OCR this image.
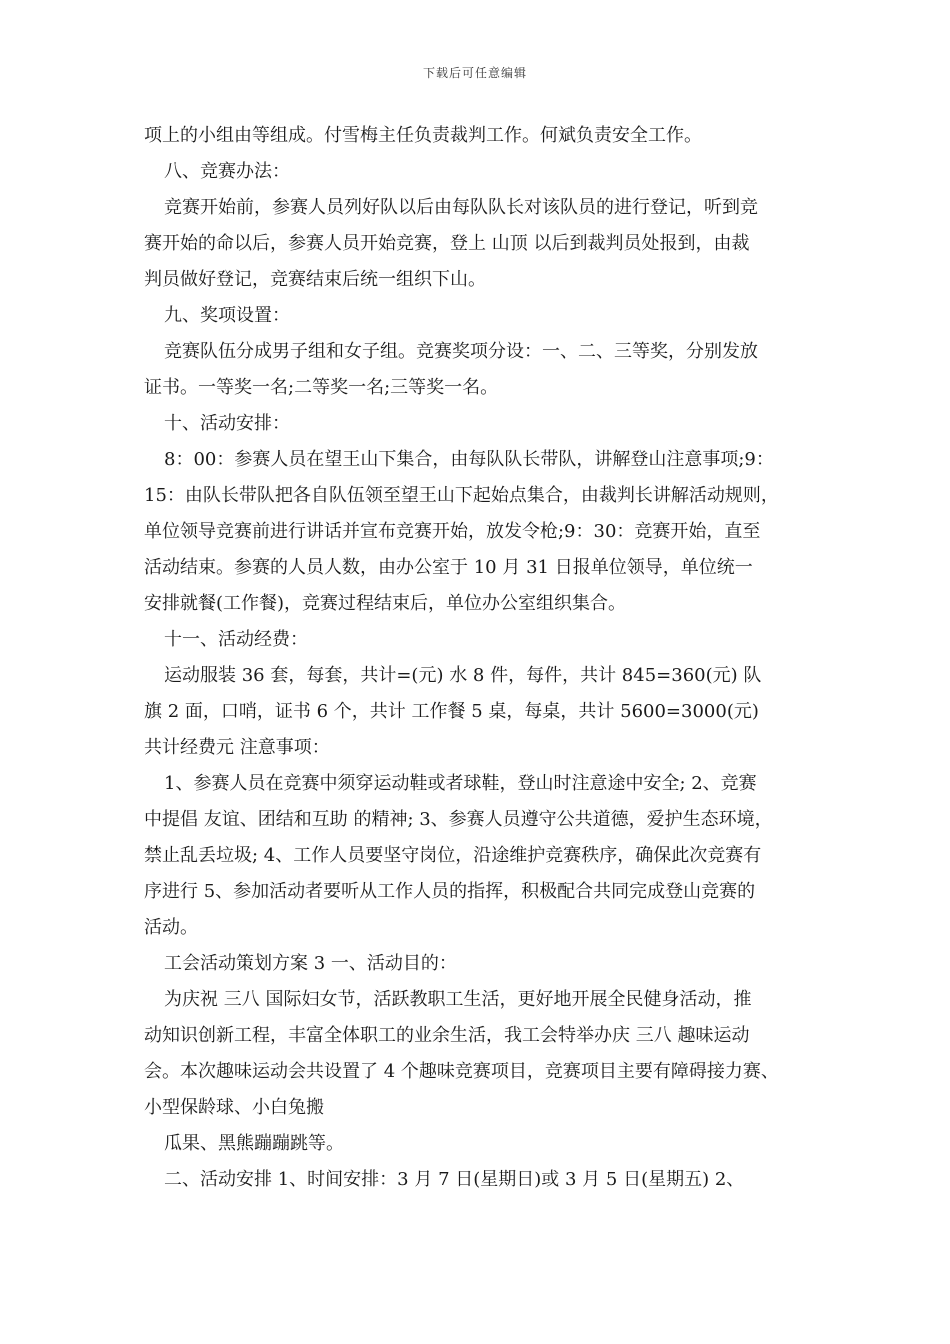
下载后可任意编辑
项上的小组由等组成。付雪梅主任负责裁判工作。何斌负责安全工作。
八、竞赛办法：
竞赛开始前，参赛人员列好队以后由每队队长对该队员的进行登记，听到竞
赛开始的命以后，参赛人员开始竞赛，登上 山顶 以后到裁判员处报到，由裁
判员做好登记，竞赛结束后统一组织下山。
九、奖项设置：
竞赛队伍分成男子组和女子组。竞赛奖项分设：一、二、三等奖，分别发放
证书。一等奖一名;二等奖一名;三等奖一名。
十、活动安排：
8：00：参赛人员在望王山下集合，由每队队长带队，讲解登山注意事项;9：
15：由队长带队把各自队伍领至望王山下起始点集合，由裁判长讲解活动规则，
单位领导竞赛前进行讲话并宣布竞赛开始，放发令枪;9：30：竞赛开始，直至
活动结束。参赛的人员人数，由办公室于 10 月 31 日报单位领导，单位统一
安排就餐(工作餐)，竞赛过程结束后，单位办公室组织集合。
十一、活动经费：
运动服装 36 套，每套，共计=(元) 水 8 件，每件，共计 845=360(元) 队
旗 2 面，口哨，证书 6 个，共计 工作餐 5 桌，每桌，共计 5600=3000(元)
共计经费元 注意事项：
1、参赛人员在竞赛中须穿运动鞋或者球鞋，登山时注意途中安全; 2、竞赛
中提倡 友谊、团结和互助 的精神; 3、参赛人员遵守公共道德，爱护生态环境，
禁止乱丢垃圾; 4、工作人员要坚守岗位，沿途维护竞赛秩序，确保此次竞赛有
序进行 5、参加活动者要听从工作人员的指挥，积极配合共同完成登山竞赛的
活动。
工会活动策划方案 3 一、活动目的：
为庆祝 三八 国际妇女节，活跃教职工生活，更好地开展全民健身活动，推
动知识创新工程，丰富全体职工的业余生活，我工会特举办庆 三八 趣味运动
会。本次趣味运动会共设置了 4 个趣味竞赛项目，竞赛项目主要有障碍接力赛、
小型保龄球、小白兔搬
瓜果、黑熊蹦蹦跳等。
二、活动安排 1、时间安排：3 月 7 日(星期日)或 3 月 5 日(星期五) 2、
